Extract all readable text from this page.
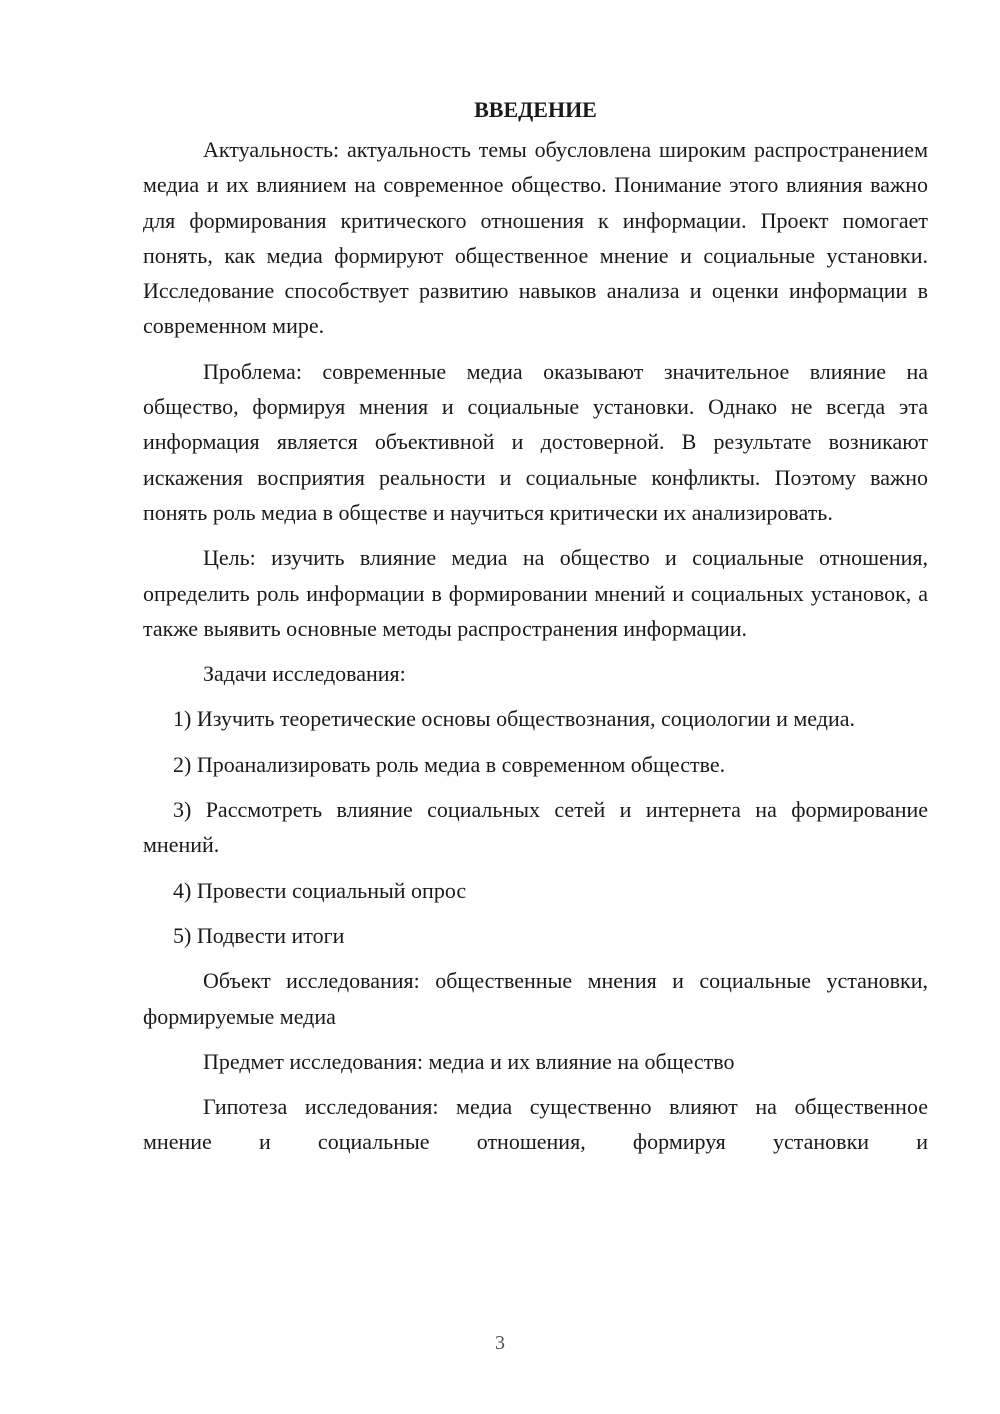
ВВЕДЕНИЕ

Актуальность: актуальность темы обусловлена широким распространением медиа и их влиянием на современное общество. Понимание этого влияния важно для формирования критического отношения к информации. Проект помогает понять, как медиа формируют общественное мнение и социальные установки. Исследование способствует развитию навыков анализа и оценки информации в современном мире.

Проблема: современные медиа оказывают значительное влияние на общество, формируя мнения и социальные установки. Однако не всегда эта информация является объективной и достоверной. В результате возникают искажения восприятия реальности и социальные конфликты. Поэтому важно понять роль медиа в обществе и научиться критически их анализировать.

Цель: изучить влияние медиа на общество и социальные отношения, определить роль информации в формировании мнений и социальных установок, а также выявить основные методы распространения информации.

Задачи исследования:

1) Изучить теоретические основы обществознания, социологии и медиа.

2) Проанализировать роль медиа в современном обществе.

3) Рассмотреть влияние социальных сетей и интернета на формирование мнений.

4) Провести социальный опрос

5) Подвести итоги

Объект исследования: общественные мнения и социальные установки, формируемые медиа

Предмет исследования: медиа и их влияние на общество

Гипотеза исследования: медиа существенно влияют на общественное мнение и социальные отношения, формируя установки и

3
